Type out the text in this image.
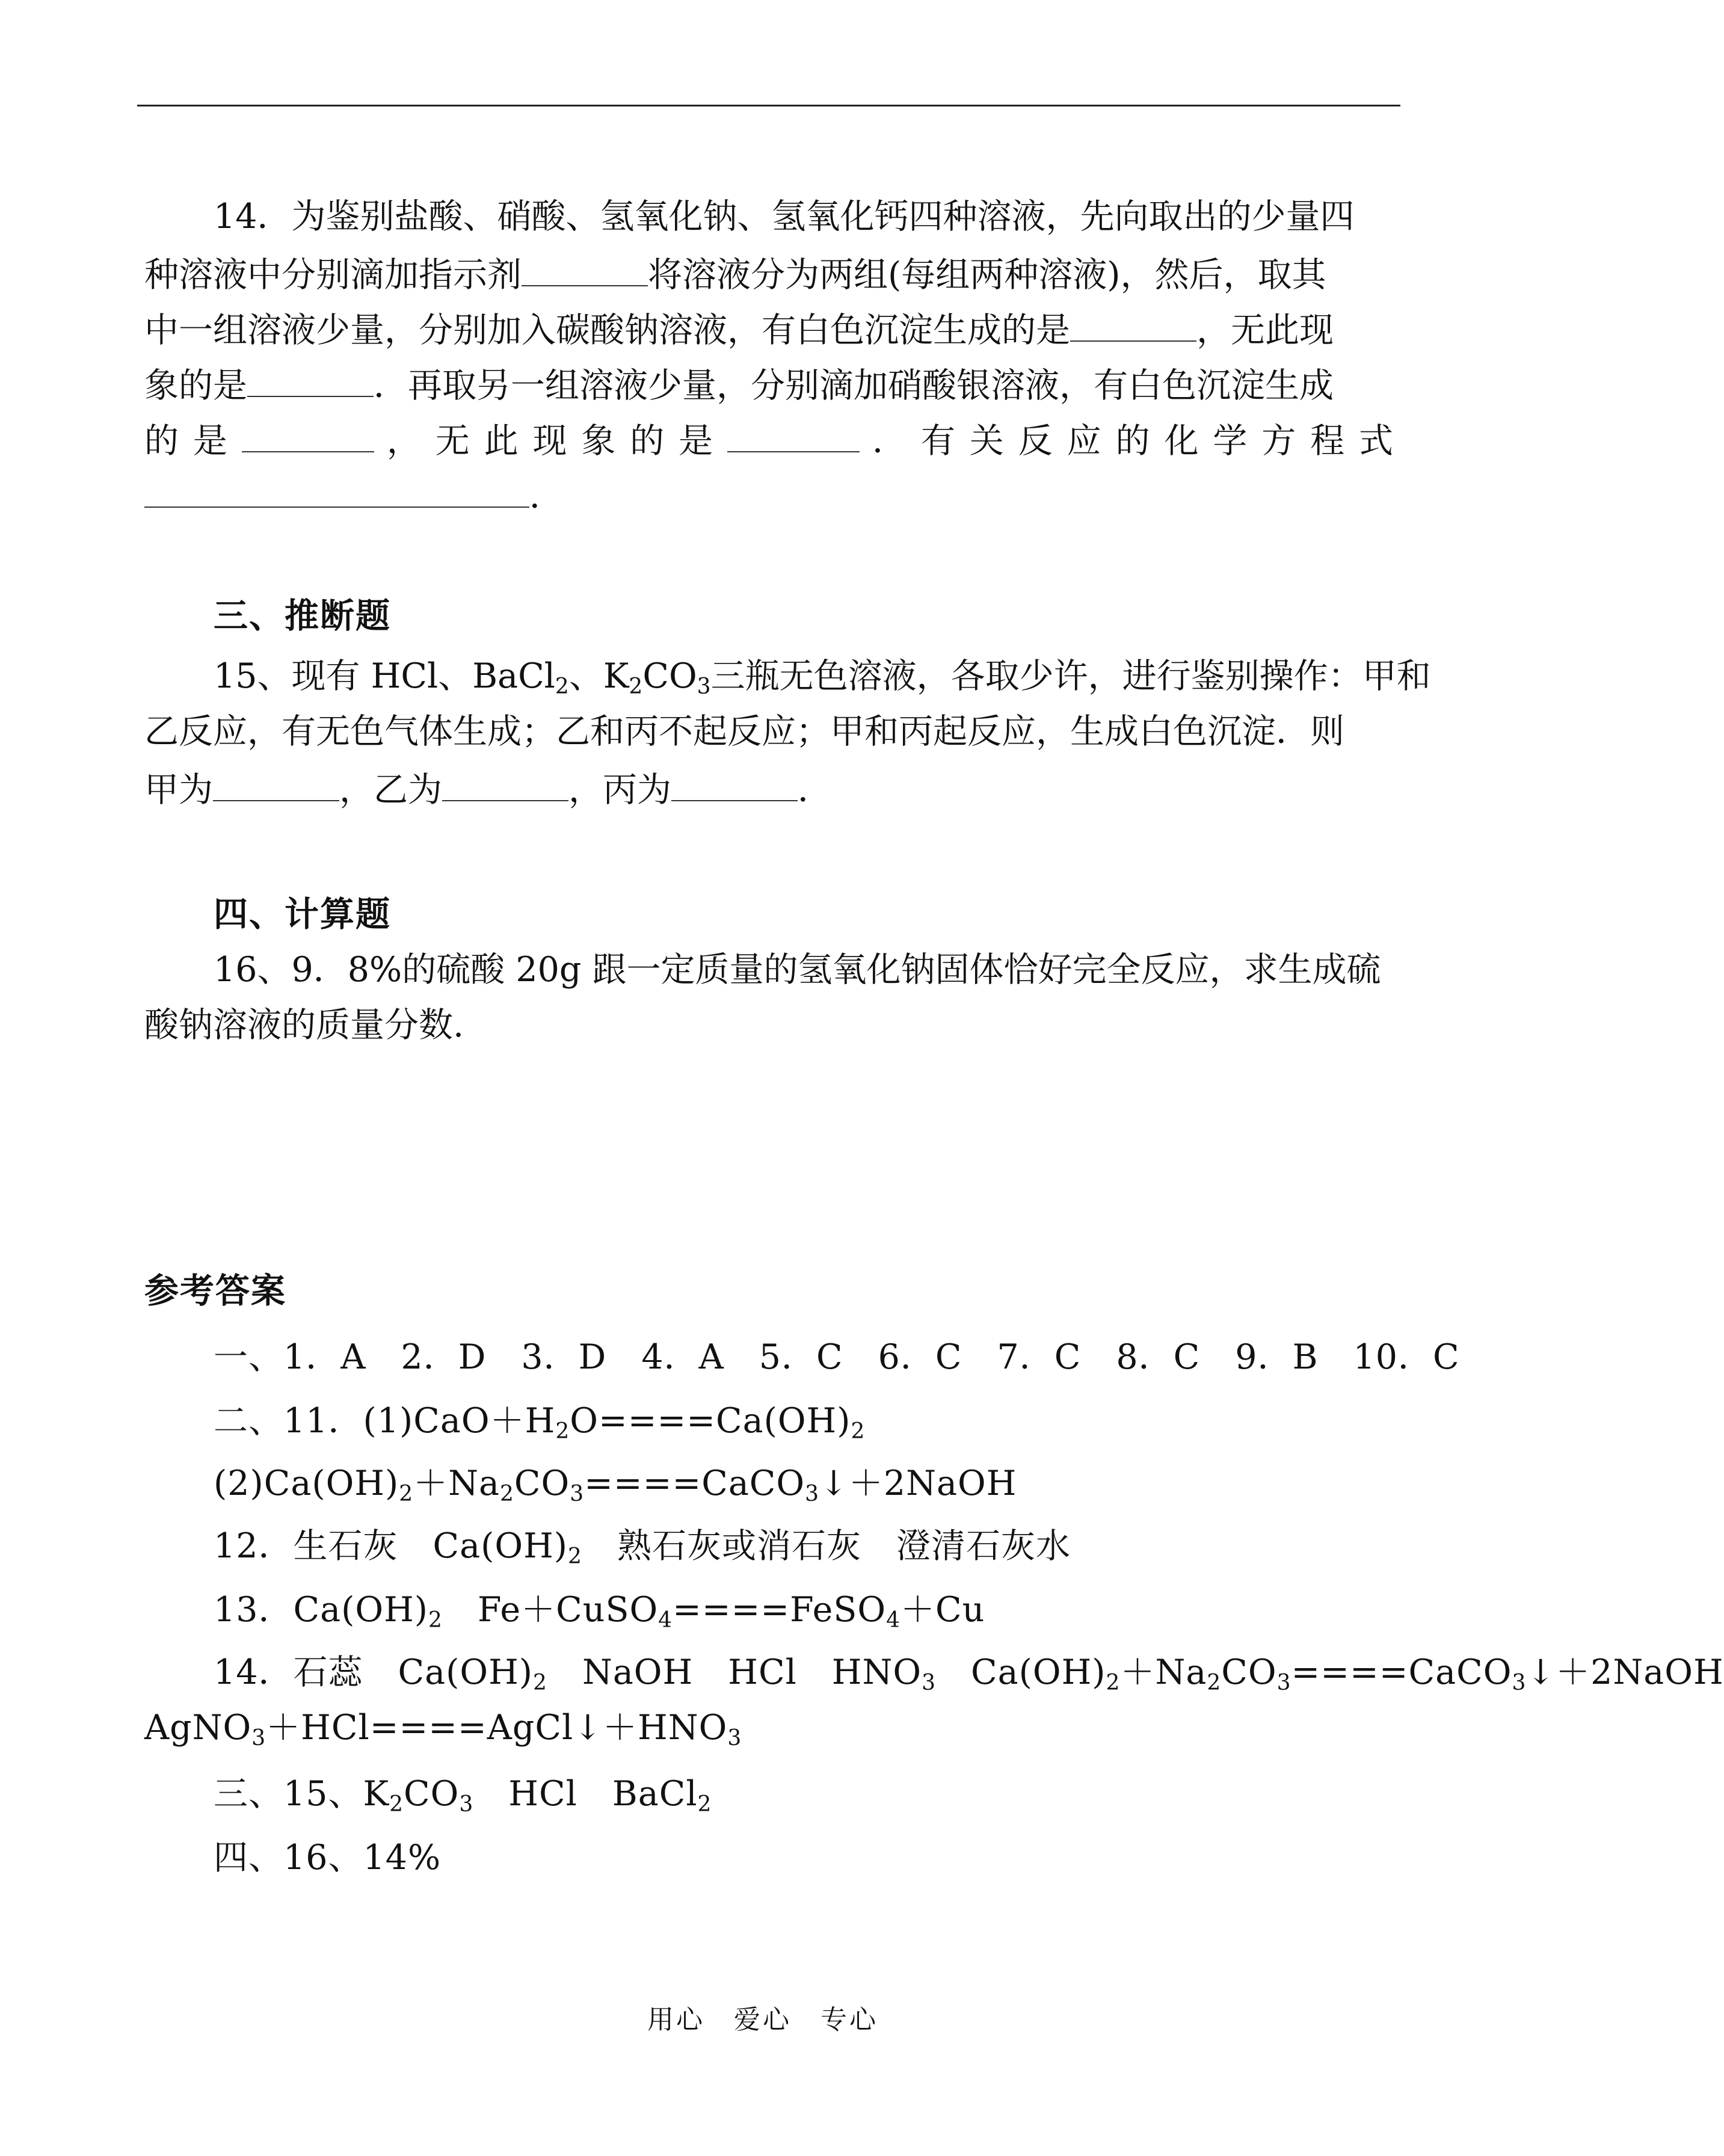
14．为鉴别盐酸、硝酸、氢氧化钠、氢氧化钙四种溶液，先向取出的少量四
种溶液中分别滴加指示剂	将溶液分为两组(每组两种溶液)，然后，取其
中一组溶液少量，分别加入碳酸钠溶液，有白色沉淀生成的是	，无此现
象的是	．再取另一组溶液少量，分别滴加硝酸银溶液，有白色沉淀生成
的 是	， 无 此 现 象 的 是	． 有 关 反 应 的 化 学 方 程 式
．
三、推断题
15、现有 HCl、BaCl$_2$、$K_2CO_3$三瓶无色溶液，各取少许，进行鉴别操作：甲和
乙反应，有无色气体生成；乙和丙不起反应；甲和丙起反应，生成白色沉淀．则
甲为	，乙为	，丙为	．
四、计算题
16、9．8%的硫酸 20g 跟一定质量的氢氧化钠固体恰好完全反应，求生成硫
酸钠溶液的质量分数.
参考答案
一、1．A　2．D　3．D　4．A　5．C　6．C　7．C　8．C　9．B　10．C
二、11．$(1)CaO+H_2O====Ca(OH)_2$
$(2)Ca(OH)_2+Na_2CO_3====CaCO_3↓+2NaOH$
12．生石灰　$Ca(OH)_2$　熟石灰或消石灰　澄清石灰水
13．$Ca(OH)_2$　Fe＋CuSO$_4$====FeSO$_4$＋Cu
14．石蕊　$Ca(OH)_2$　NaOH　HCl　$HNO_3$　$Ca(OH)_2+Na_2CO_3====CaCO_3↓+2NaOH$
$AgNO_3+HCl====AgCl↓+HNO_3$
三、15、$K_2CO_3$　HCl　BaCl$_2$
四、16、14%
用心　爱心　专心
